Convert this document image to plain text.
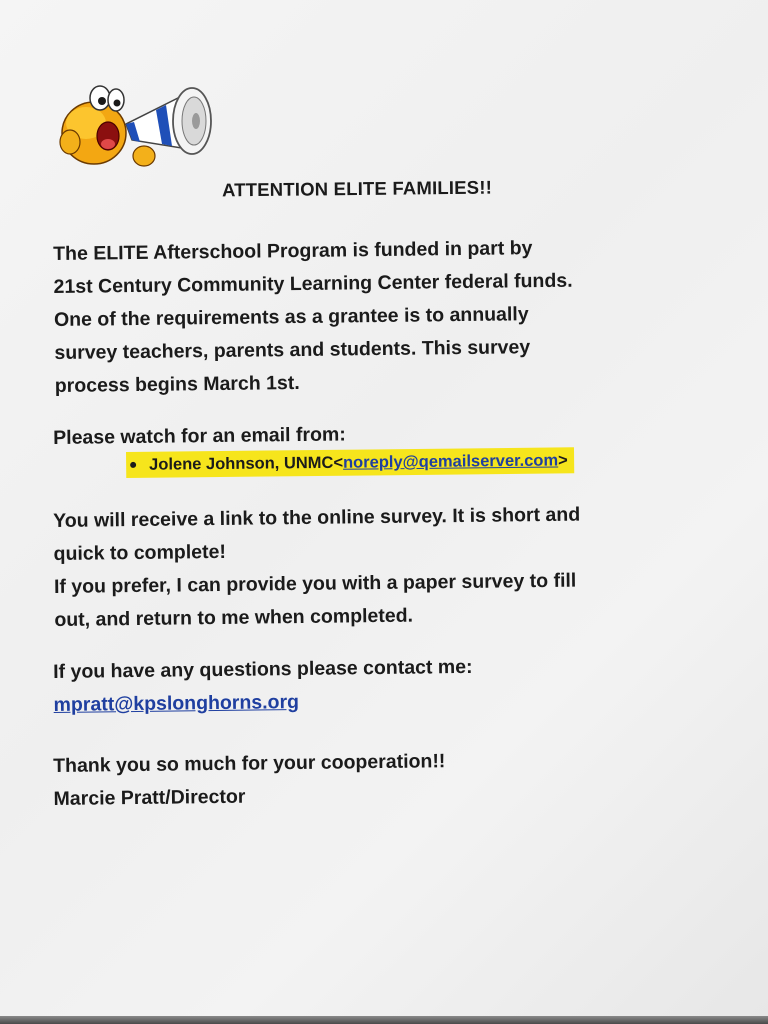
ATTENTION ELITE FAMILIES!!
The ELITE Afterschool Program is funded in part by
21st Century Community Learning Center federal funds.
One of the requirements as a grantee is to annually
survey teachers, parents and students. This survey
process begins March 1st.
Please watch for an email from:
Jolene Johnson, UNMC<noreply@qemailserver.com>
You will receive a link to the online survey. It is short and
quick to complete!
If you prefer, I can provide you with a paper survey to fill
out, and return to me when completed.
If you have any questions please contact me:
mpratt@kpslonghorns.org
Thank you so much for your cooperation!!
Marcie Pratt/Director
